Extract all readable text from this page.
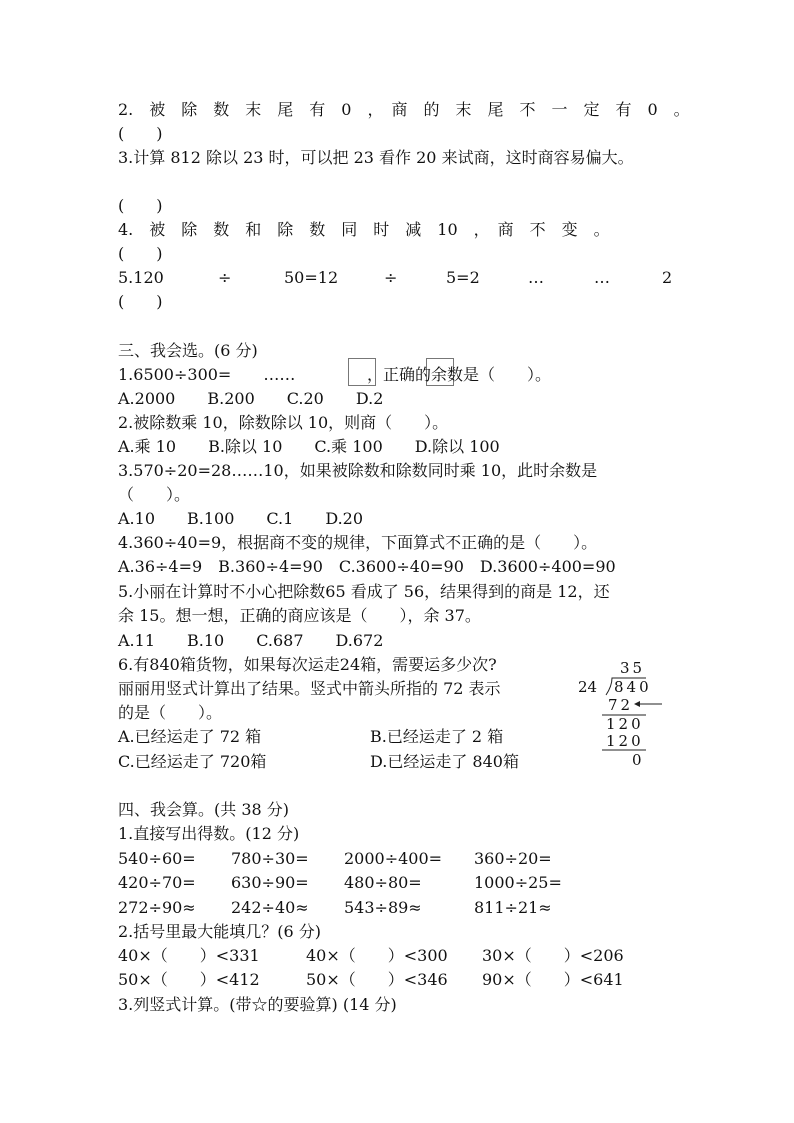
2.　被　除　数　末　尾　有　0　，　商　的　末　尾　不　一　定　有　0　。
(　　)
3.计算 812 除以 23 时，可以把 23 看作 20 来试商，这时商容易偏大。
(　　)
4.　被　除　数　和　除　数　同　时　减　10　，　商　不　变　。
(　　)
5.120	÷	50=12	÷	5=2	…	…	2
(　　)
三、我会选。(6 分)
1.6500÷300=　　……	，正确的余数是（　　）。
A.2000　　B.200　　C.20　　D.2
2.被除数乘 10，除数除以 10，则商（　　）。
A.乘 10　　B.除以 10　　C.乘 100　　D.除以 100
3.570÷20=28……10，如果被除数和除数同时乘 10，此时余数是
（　　）。
A.10　　B.100　　C.1　　D.20
4.360÷40=9，根据商不变的规律，下面算式不正确的是（　　）。
A.36÷4=9　B.360÷4=90　C.3600÷40=90　D.3600÷400=90
5.小丽在计算时不小心把除数65 看成了 56，结果得到的商是 12，还
余 15。想一想，正确的商应该是（　　），余 37。
A.11　　B.10　　C.687　　D.672
6.有840箱货物，如果每次运走24箱，需要运多少次?
丽丽用竖式计算出了结果。竖式中箭头所指的 72 表示
的是（　　）。
A.已经运走了 72 箱	B.已经运走了 2 箱
C.已经运走了 720箱	D.已经运走了 840箱
35
24 840
72
120
120
0
四、我会算。(共 38 分)
1.直接写出得数。(12 分)
540÷60= 780÷30= 2000÷400= 360÷20=
420÷70= 630÷90= 480÷80=	1000÷25=
272÷90≈ 242÷40≈ 543÷89≈	811÷21≈
2.括号里最大能填几？(6 分)
40×（　　）<331	40×（　　）<300 30×（　　）<206
50×（　　）<412	50×（　　）<346 90×（　　）<641
3.列竖式计算。(带☆的要验算) (14 分)
